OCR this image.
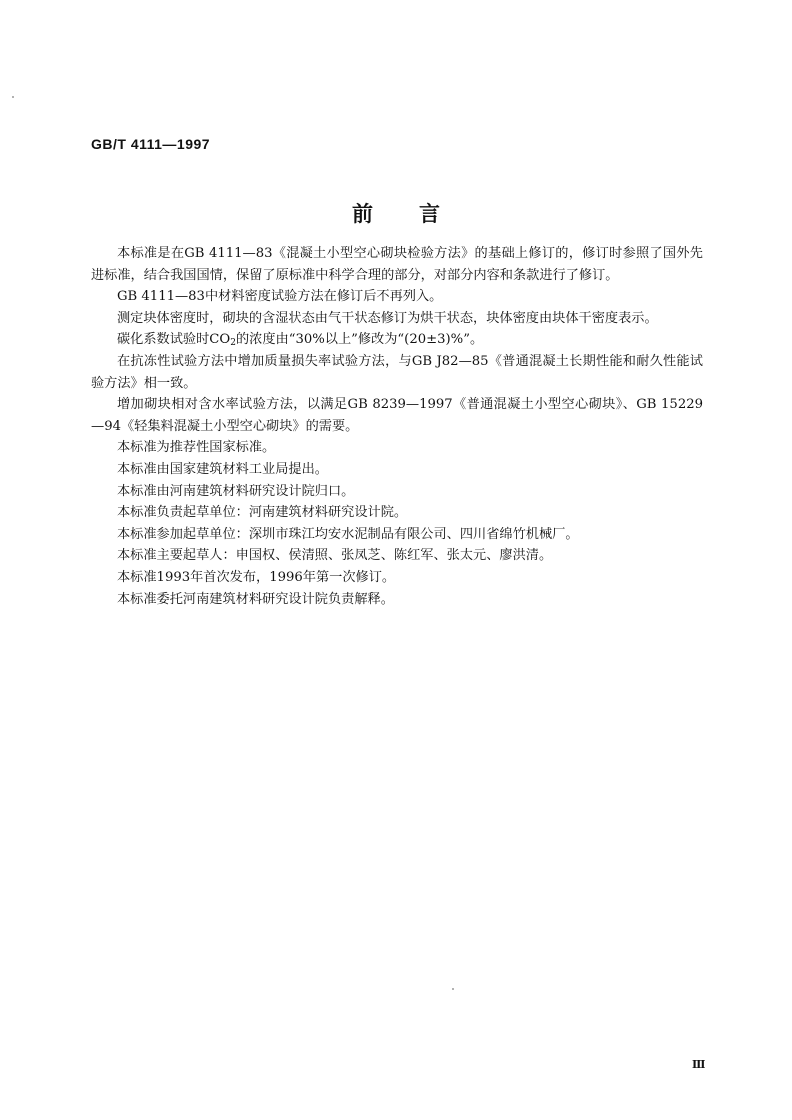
GB/T 4111—1997
前言

本标准是在GB 4111—83《混凝土小型空心砌块检验方法》的基础上修订的，修订时参照了国外先进标准，结合我国国情，保留了原标准中科学合理的部分，对部分内容和条款进行了修订。

GB 4111—83中材料密度试验方法在修订后不再列入。

测定块体密度时，砌块的含湿状态由气干状态修订为烘干状态，块体密度由块体干密度表示。

碳化系数试验时$CO_2$的浓度由“30%以上”修改为“(20±3)%”。

在抗冻性试验方法中增加质量损失率试验方法，与GB J82—85《普通混凝土长期性能和耐久性能试验方法》相一致。

增加砌块相对含水率试验方法，以满足GB 8239—1997《普通混凝土小型空心砌块》、GB 15229—94《轻集料混凝土小型空心砌块》的需要。

本标准为推荐性国家标准。

本标准由国家建筑材料工业局提出。

本标准由河南建筑材料研究设计院归口。

本标准负责起草单位：河南建筑材料研究设计院。

本标准参加起草单位：深圳市珠江均安水泥制品有限公司、四川省绵竹机械厂。

本标准主要起草人：申国权、侯清照、张凤芝、陈红军、张太元、廖洪清。

本标准1993年首次发布，1996年第一次修订。

本标准委托河南建筑材料研究设计院负责解释。

Ⅲ
